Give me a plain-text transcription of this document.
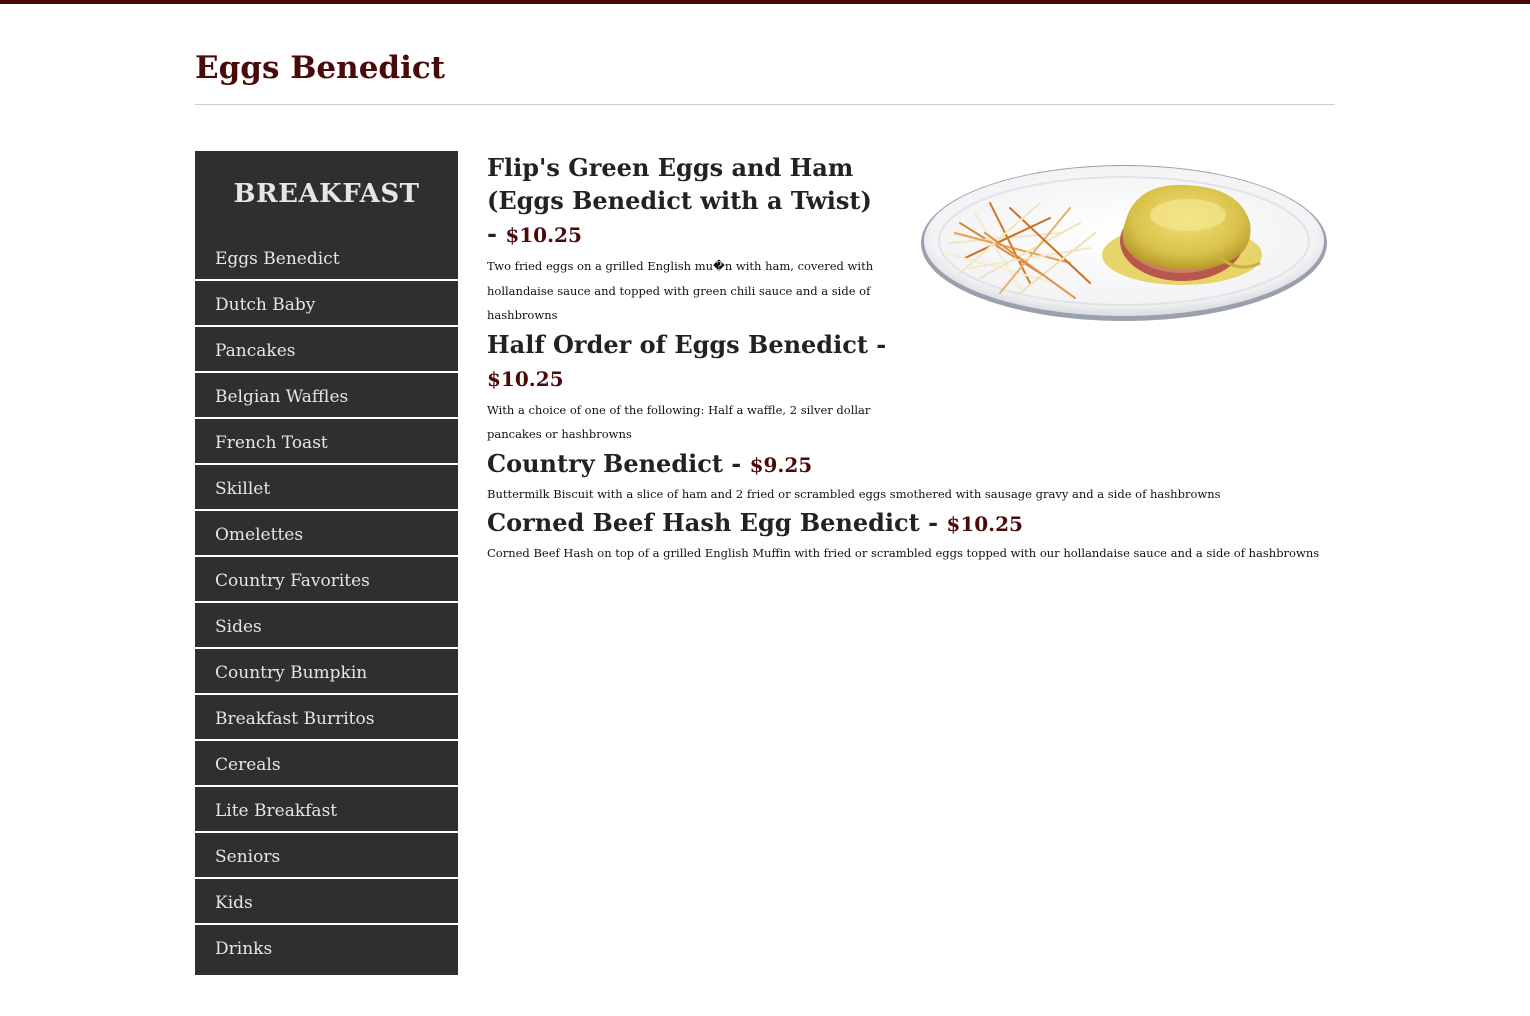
Eggs Benedict
BREAKFAST
Eggs Benedict
Dutch Baby
Pancakes
Belgian Waffles
French Toast
Skillet
Omelettes
Country Favorites
Sides
Country Bumpkin
Breakfast Burritos
Cereals
Lite Breakfast
Seniors
Kids
Drinks
Flip's Green Eggs and Ham (Eggs Benedict with a Twist) - $10.25

Two fried eggs on a grilled English mu�n with ham, covered with hollandaise sauce and topped with green chili sauce and a side of hashbrowns

Half Order of Eggs Benedict - $10.25

With a choice of one of the following: Half a waffle, 2 silver dollar pancakes or hashbrowns

Country Benedict - $9.25

Buttermilk Biscuit with a slice of ham and 2 fried or scrambled eggs smothered with sausage gravy and a side of hashbrowns

Corned Beef Hash Egg Benedict - $10.25

Corned Beef Hash on top of a grilled English Muffin with fried or scrambled eggs topped with our hollandaise sauce and a side of hashbrowns
